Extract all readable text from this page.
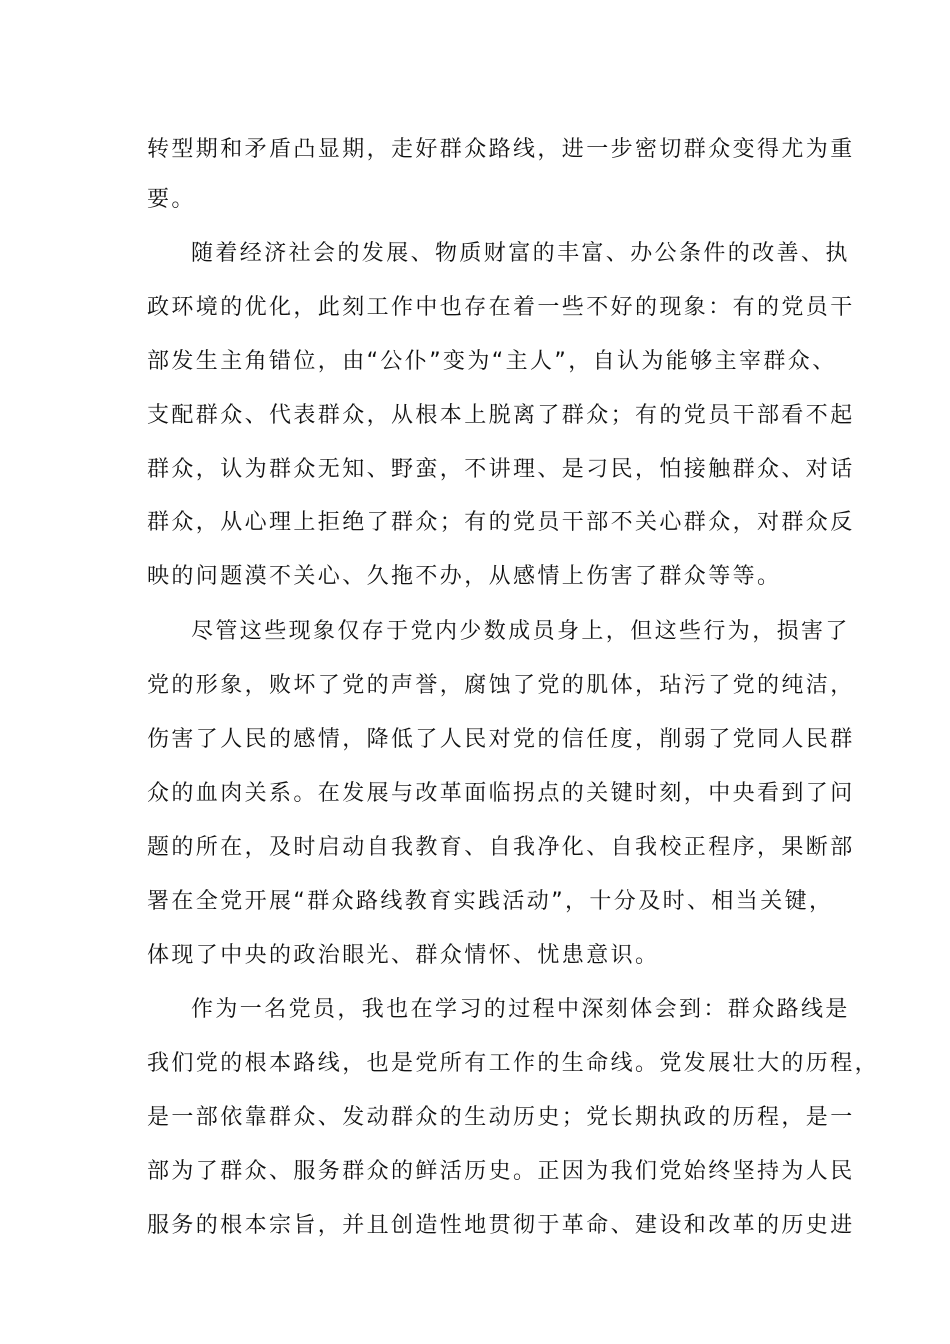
转型期和矛盾凸显期，走好群众路线，进一步密切群众变得尤为重
要。
随着经济社会的发展、物质财富的丰富、办公条件的改善、执
政环境的优化，此刻工作中也存在着一些不好的现象：有的党员干
部发生主角错位，由“公仆”变为“主人”，自认为能够主宰群众、
支配群众、代表群众，从根本上脱离了群众；有的党员干部看不起
群众，认为群众无知、野蛮，不讲理、是刁民，怕接触群众、对话
群众，从心理上拒绝了群众；有的党员干部不关心群众，对群众反
映的问题漠不关心、久拖不办，从感情上伤害了群众等等。
尽管这些现象仅存于党内少数成员身上，但这些行为，损害了
党的形象，败坏了党的声誉，腐蚀了党的肌体，玷污了党的纯洁，
伤害了人民的感情，降低了人民对党的信任度，削弱了党同人民群
众的血肉关系。在发展与改革面临拐点的关键时刻，中央看到了问
题的所在，及时启动自我教育、自我净化、自我校正程序，果断部
署在全党开展“群众路线教育实践活动”，十分及时、相当关键，
体现了中央的政治眼光、群众情怀、忧患意识。
作为一名党员，我也在学习的过程中深刻体会到：群众路线是
我们党的根本路线，也是党所有工作的生命线。党发展壮大的历程，
是一部依靠群众、发动群众的生动历史；党长期执政的历程，是一
部为了群众、服务群众的鲜活历史。正因为我们党始终坚持为人民
服务的根本宗旨，并且创造性地贯彻于革命、建设和改革的历史进
